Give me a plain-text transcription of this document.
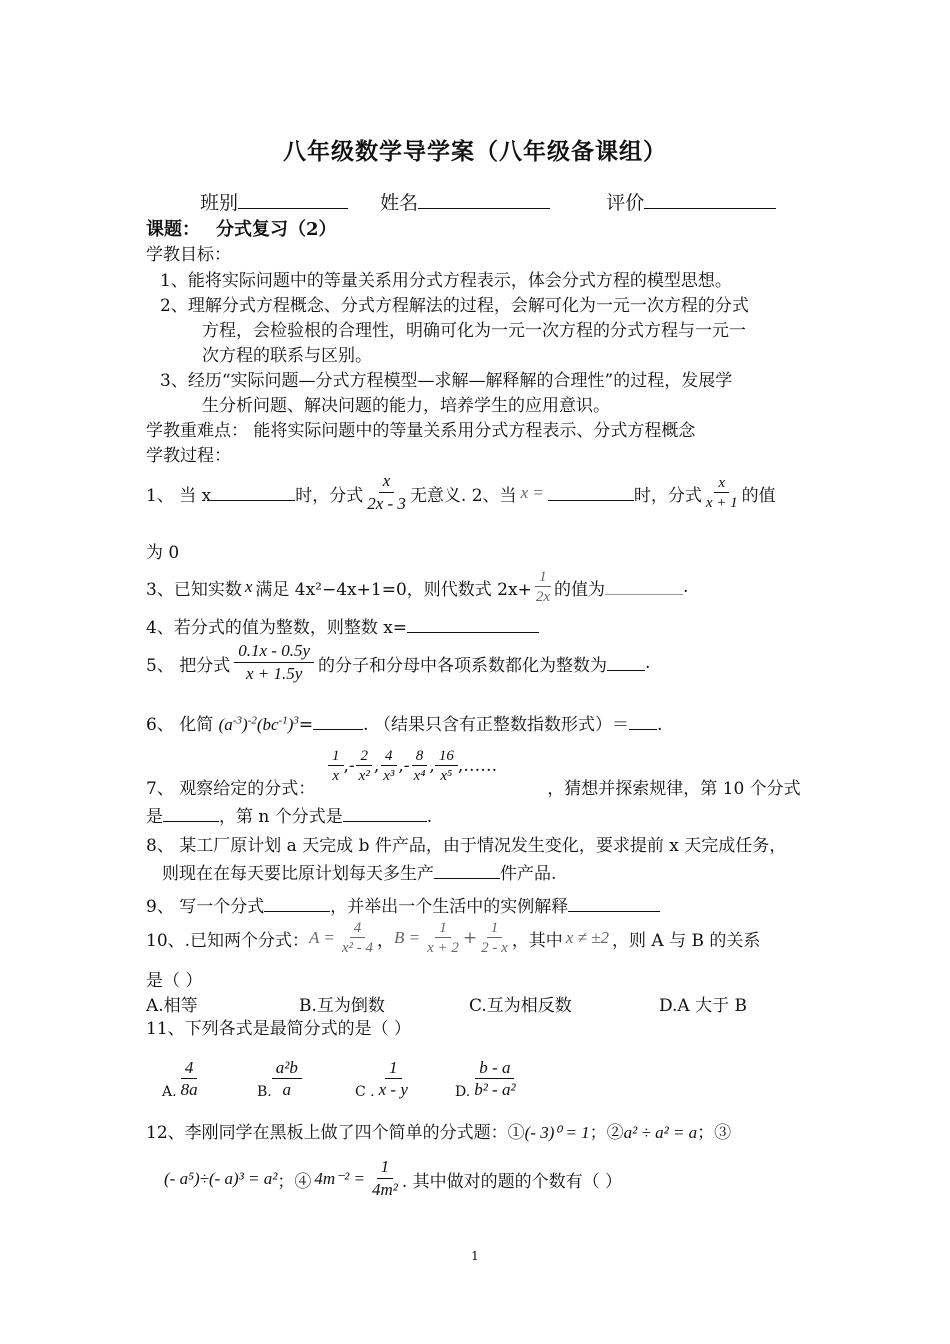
八年级数学导学案（八年级备课组）
班别	姓名	评价
课题： 分式复习（2）
学教目标：
1、能将实际问题中的等量关系用分式方程表示，体会分式方程的模型思想。
2、理解分式方程概念、分式方程解法的过程，会解可化为一元一次方程的分式
方程，会检验根的合理性，明确可化为一元一次方程的分式方程与一元一
次方程的联系与区别。
3、经历“实际问题—分式方程模型—求解—解释解的合理性”的过程，发展学
生分析问题、解决问题的能力，培养学生的应用意识。
学教重难点： 能将实际问题中的等量关系用分式方程表示、分式方程概念
学教过程：
1、 当 x	时，分式 $\frac{x}{2x - 3}$ 无意义. 2、当 x =	时，分式 $\frac{x}{x + 1}$ 的值
为 0
3、已知实数 x 满足 4x²−4x+1=0，则代数式 $2x+ \frac{1}{2x}$ 的值为	.
4、若分式的值为整数，则整数 x=
5、 把分式 $\frac{0.1x - 0.5y}{x + 1.5y}$ 的分子和分母中各项系数都化为整数为 .
6、 化简 $(a^{-3})^{-2}(bc^{-1})^3=$	. （结果只含有正整数指数形式）＝ .
$\frac{1}{x}$ ,- $\frac{2}{\text{x²}}$ , $\frac{4}{\text{x³}}$ ,- $\frac{8}{\text{x⁴}}$ , $\frac{16}{\text{x⁵}}$ ,……
7、 观察给定的分式：	，猜想并探索规律，第 10 个分式
是	，第 n 个分式是	.
8、 某工厂原计划 a 天完成 b 件产品，由于情况发生变化，要求提前 x 天完成任务，
则现在在每天要比原计划每天多生产	件产品.
9、 写一个分式	，并举出一个生活中的实例解释
10、.已知两个分式： $A = \frac{4}{\text{x² - 4}}$ ， $B = \frac{1}{x + 2} + \frac{1}{2 - x}$ ，其中 x ≠ ±2 ，则 A 与 B 的关系
是（ ）
A.相等	B.互为倒数	C.互为相反数	D.A 大于 B
11、下列各式是最简分式的是（ ）
A. $\frac{4}{8a}$	B. $\frac{\text{a²b}}{a}$	C . $\frac{1}{x - y}$	D. $\frac{b - a}{\text{b² - a²}}$
12、李刚同学在黑板上做了四个简单的分式题：①(- 3)⁰ = 1；②a² ÷ a² = a；③
(- a⁵)÷(- a)³ = a² ；④ $4m^{-2} = \frac{1}{\text{4m²}}$ . 其中做对的题的个数有（ ）
1
